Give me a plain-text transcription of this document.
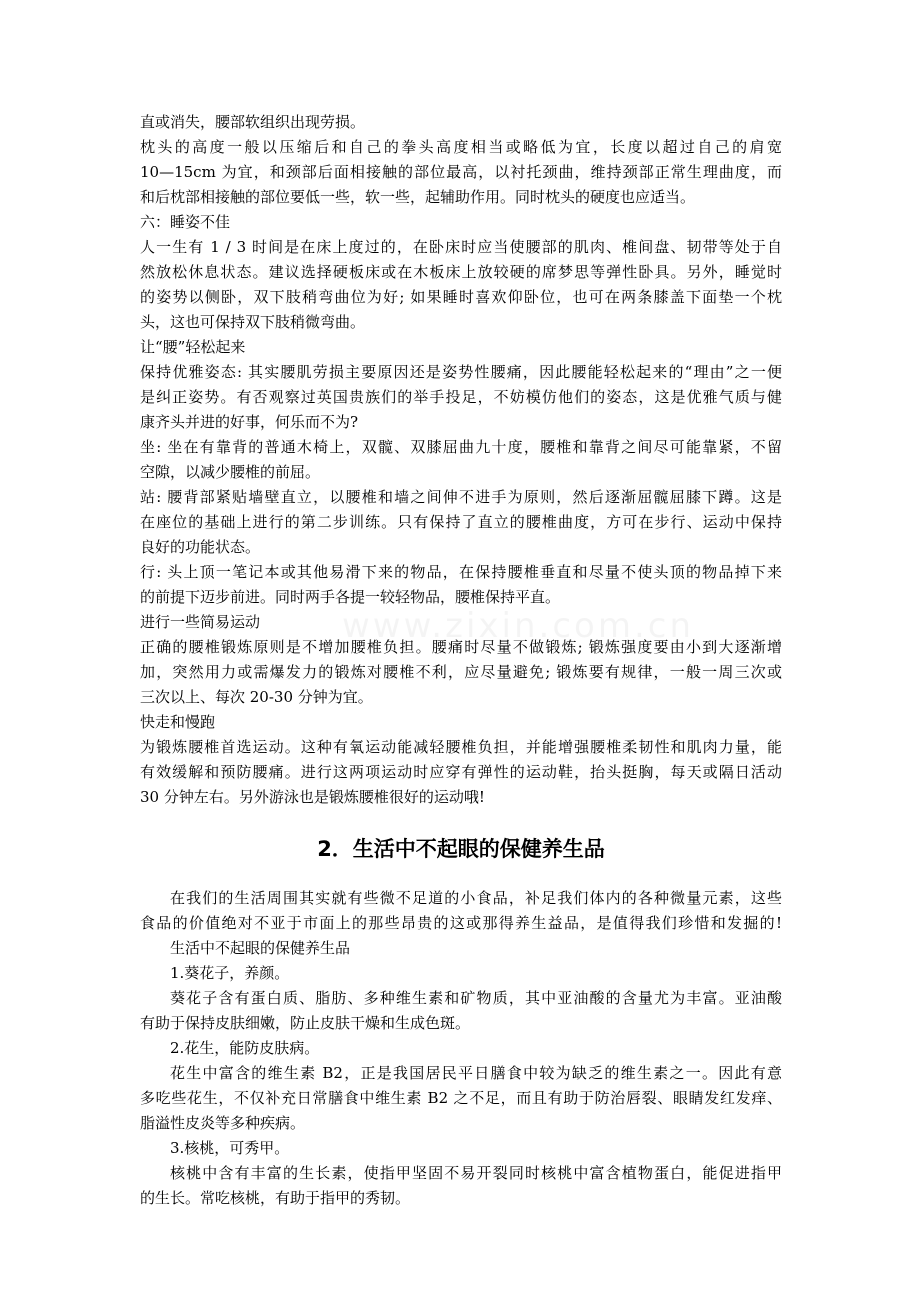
直或消失，腰部软组织出现劳损。

枕头的高度一般以压缩后和自己的拳头高度相当或略低为宜，长度以超过自己的肩宽

10—15cm 为宜，和颈部后面相接触的部位最高，以衬托颈曲，维持颈部正常生理曲度，而

和后枕部相接触的部位要低一些，软一些，起辅助作用。同时枕头的硬度也应适当。

六：睡姿不佳

人一生有 1 / 3 时间是在床上度过的，在卧床时应当使腰部的肌肉、椎间盘、韧带等处于自

然放松休息状态。建议选择硬板床或在木板床上放较硬的席梦思等弹性卧具。另外，睡觉时

的姿势以侧卧，双下肢稍弯曲位为好; 如果睡时喜欢仰卧位，也可在两条膝盖下面垫一个枕

头，这也可保持双下肢稍微弯曲。

让“腰”轻松起来

保持优雅姿态: 其实腰肌劳损主要原因还是姿势性腰痛，因此腰能轻松起来的“理由”之一便

是纠正姿势。有否观察过英国贵族们的举手投足，不妨模仿他们的姿态，这是优雅气质与健

康齐头并进的好事，何乐而不为?

坐: 坐在有靠背的普通木椅上，双髋、双膝屈曲九十度，腰椎和靠背之间尽可能靠紧，不留

空隙，以减少腰椎的前屈。

站: 腰背部紧贴墙壁直立，以腰椎和墙之间伸不进手为原则，然后逐渐屈髋屈膝下蹲。这是

在座位的基础上进行的第二步训练。只有保持了直立的腰椎曲度，方可在步行、运动中保持

良好的功能状态。

行: 头上顶一笔记本或其他易滑下来的物品，在保持腰椎垂直和尽量不使头顶的物品掉下来

的前提下迈步前进。同时两手各提一较轻物品，腰椎保持平直。

进行一些简易运动

正确的腰椎锻炼原则是不增加腰椎负担。腰痛时尽量不做锻炼; 锻炼强度要由小到大逐渐增

加，突然用力或需爆发力的锻炼对腰椎不利，应尽量避免; 锻炼要有规律，一般一周三次或

三次以上、每次 20-30 分钟为宜。

快走和慢跑

为锻炼腰椎首选运动。这种有氧运动能减轻腰椎负担，并能增强腰椎柔韧性和肌肉力量，能

有效缓解和预防腰痛。进行这两项运动时应穿有弹性的运动鞋，抬头挺胸，每天或隔日活动

30 分钟左右。另外游泳也是锻炼腰椎很好的运动哦!

2．生活中不起眼的保健养生品

在我们的生活周围其实就有些微不足道的小食品，补足我们体内的各种微量元素，这些

食品的价值绝对不亚于市面上的那些昂贵的这或那得养生益品，是值得我们珍惜和发掘的!

生活中不起眼的保健养生品

1.葵花子，养颜。

葵花子含有蛋白质、脂肪、多种维生素和矿物质，其中亚油酸的含量尤为丰富。亚油酸

有助于保持皮肤细嫩，防止皮肤干燥和生成色斑。

2.花生，能防皮肤病。

花生中富含的维生素 B2，正是我国居民平日膳食中较为缺乏的维生素之一。因此有意

多吃些花生，不仅补充日常膳食中维生素 B2 之不足，而且有助于防治唇裂、眼睛发红发痒、

脂溢性皮炎等多种疾病。

3.核桃，可秀甲。

核桃中含有丰富的生长素，使指甲坚固不易开裂同时核桃中富含植物蛋白，能促进指甲

的生长。常吃核桃，有助于指甲的秀韧。
